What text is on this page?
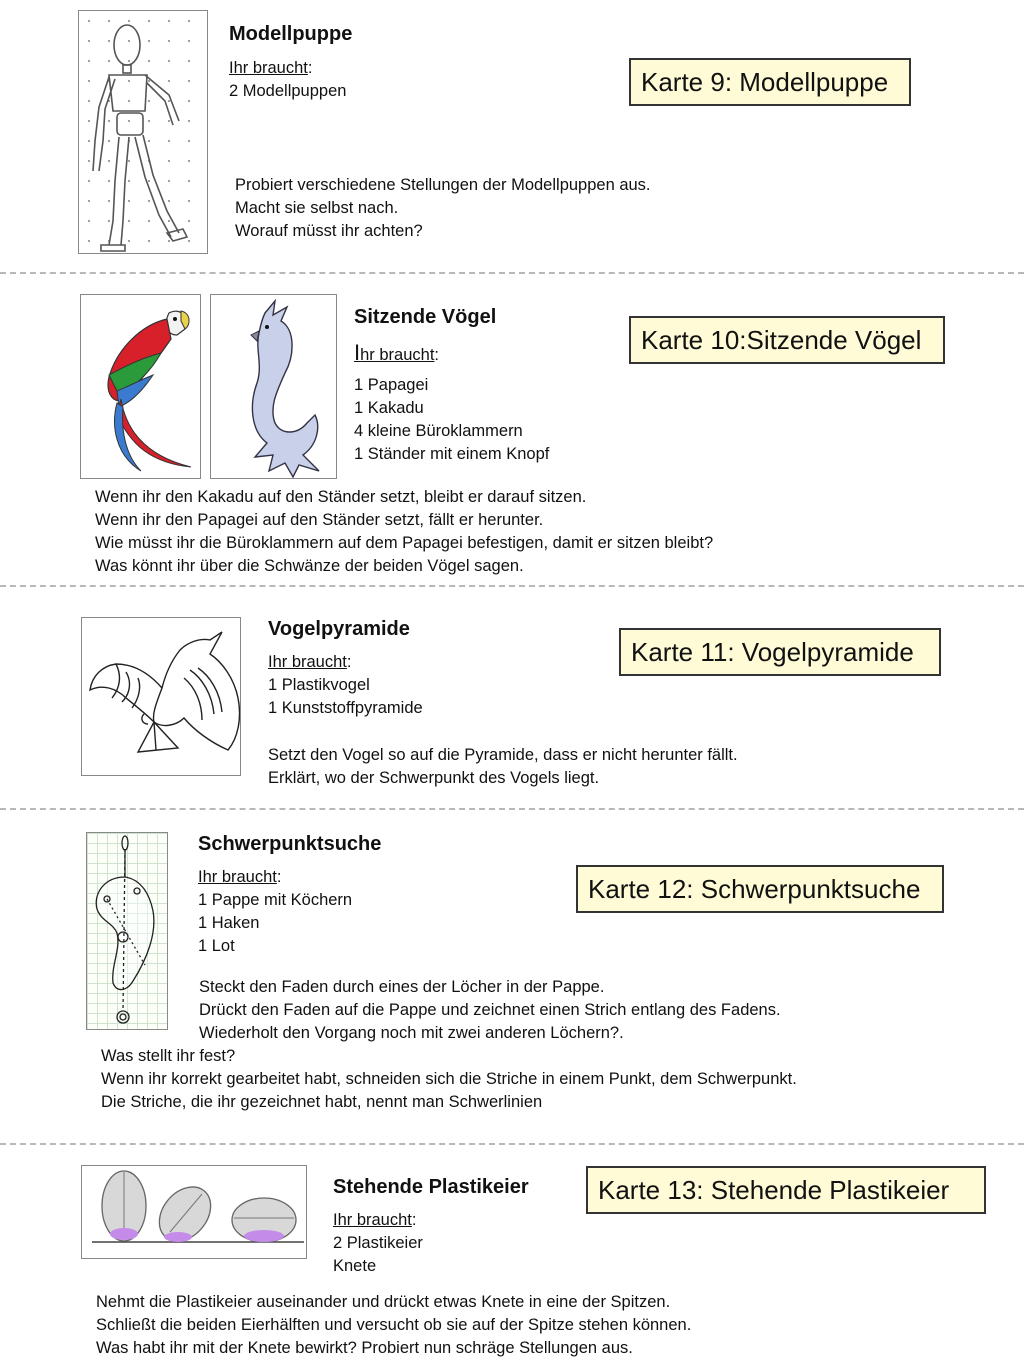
Modellpuppe
Ihr braucht:
2 Modellpuppen	Karte 9: Modellpuppe
Probiert verschiedene Stellungen der Modellpuppen aus.
Macht sie selbst nach.
Worauf müsst ihr achten?
Sitzende Vögel
Ihr braucht:
1 Papagei
1 Kakadu
4 kleine Büroklammern
1 Ständer mit einem Knopf
Karte 10:Sitzende Vögel
Wenn ihr den Kakadu auf den Ständer setzt, bleibt er darauf sitzen.
Wenn ihr den Papagei auf den Ständer setzt, fällt er herunter.
Wie müsst ihr die Büroklammern auf dem Papagei befestigen, damit er sitzen bleibt?
Was könnt ihr über die Schwänze der beiden Vögel sagen.
Vogelpyramide
Ihr braucht:
1 Plastikvogel
1 Kunststoffpyramide
Karte 11: Vogelpyramide
Setzt den Vogel so auf die Pyramide, dass er nicht herunter fällt.
Erklärt, wo der Schwerpunkt des Vogels liegt.
Schwerpunktsuche
Ihr braucht:
1 Pappe mit Köchern
1 Haken
1 Lot
Karte 12: Schwerpunktsuche
Steckt den Faden durch eines der Löcher in der Pappe.
Drückt den Faden auf die Pappe und zeichnet einen Strich entlang des Fadens.
Wiederholt den Vorgang noch mit zwei anderen Löchern?.
Was stellt ihr fest?
Wenn ihr korrekt gearbeitet habt, schneiden sich die Striche in einem Punkt, dem Schwerpunkt.
Die Striche, die ihr gezeichnet habt, nennt man Schwerlinien
Stehende Plastikeier
Ihr braucht:
2 Plastikeier
Knete
Karte 13: Stehende Plastikeier
Nehmt die Plastikeier auseinander und drückt etwas Knete in eine der Spitzen.
Schließt die beiden Eierhälften und versucht ob sie auf der Spitze stehen können.
Was habt ihr mit der Knete bewirkt? Probiert nun schräge Stellungen aus.
